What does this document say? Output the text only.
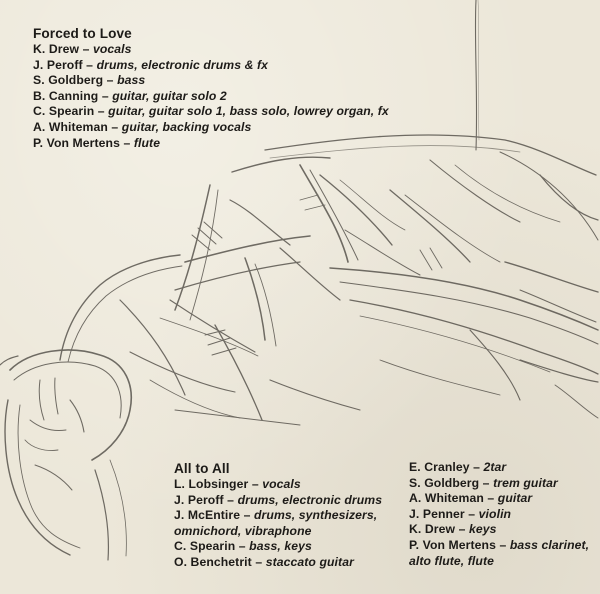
Forced to Love
K. Drew – vocals
J. Peroff – drums, electronic drums & fx
S. Goldberg – bass
B. Canning – guitar, guitar solo 2
C. Spearin – guitar, guitar solo 1, bass solo, lowrey organ, fx
A. Whiteman – guitar, backing vocals
P. Von Mertens – flute
All to All
L. Lobsinger – vocals
J. Peroff – drums, electronic drums
J. McEntire – drums, synthesizers,
omnichord, vibraphone
C. Spearin – bass, keys
O. Benchetrit – staccato guitar
E. Cranley – 2tar
S. Goldberg – trem guitar
A. Whiteman – guitar
J. Penner – violin
K. Drew – keys
P. Von Mertens – bass clarinet,
alto flute, flute
